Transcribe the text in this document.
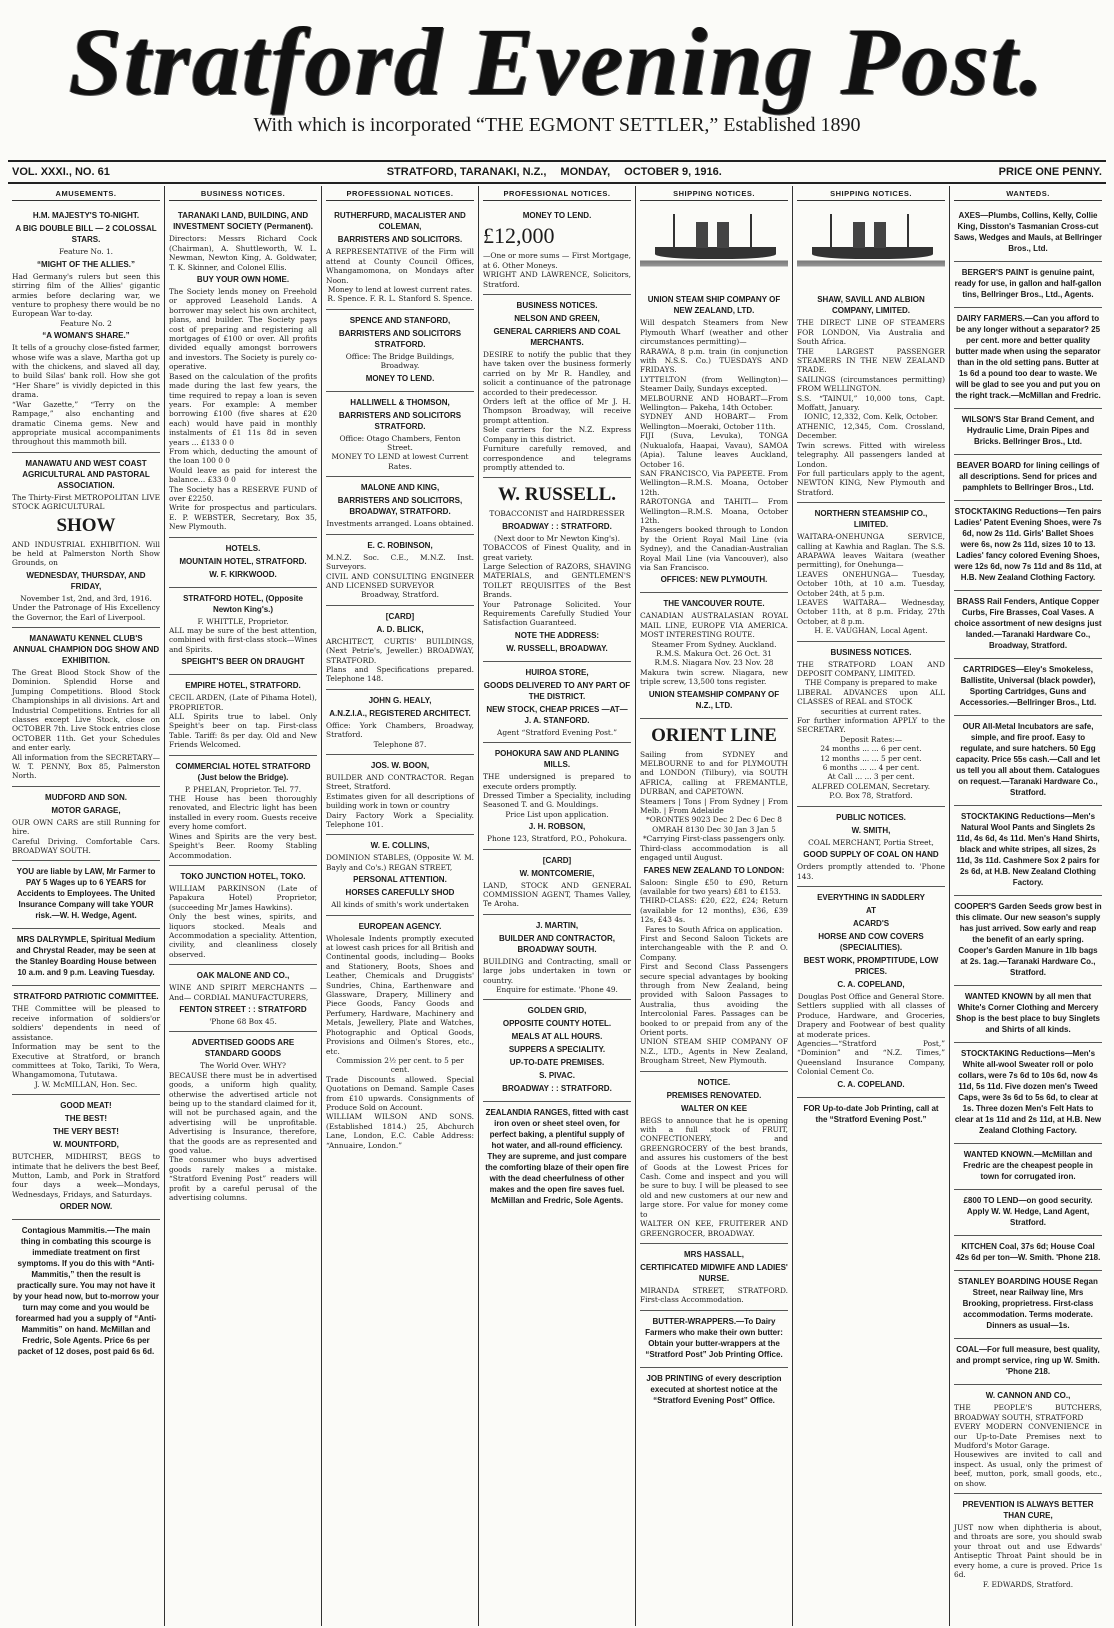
Stratford Evening Post.
With which is incorporated “THE EGMONT SETTLER,” Established 1890
VOL. XXXI., NO. 61	STRATFORD, TARANAKI, N.Z., MONDAY, OCTOBER 9, 1916.	PRICE ONE PENNY.
AMUSEMENTS.
H.M. MAJESTY'S TO-NIGHT.
A BIG DOUBLE BILL — 2 COLOSSAL STARS.
Feature No. 1.
“MIGHT OF THE ALLIES.”
Had Germany's rulers but seen this stirring film of the Allies' gigantic armies before declaring war, we venture to prophesy there would be no European War to-day.
Feature No. 2
“A WOMAN'S SHARE.”
It tells of a grouchy close-fisted farmer, whose wife was a slave, Martha got up with the chickens, and slaved all day, to build Silas' bank roll. How she got “Her Share” is vividly depicted in this drama.
“War Gazette,” “Terry on the Rampage,” also enchanting and dramatic Cinema gems. New and appropriate musical accompaniments throughout this mammoth bill.
MANAWATU AND WEST COAST AGRICULTURAL AND PASTORAL ASSOCIATION.
The Thirty-First METROPOLITAN LIVE STOCK AGRICULTURAL
SHOW
AND INDUSTRIAL EXHIBITION. Will be held at Palmerston North Show Grounds, on
WEDNESDAY, THURSDAY, AND FRIDAY,
November 1st, 2nd, and 3rd, 1916.
Under the Patronage of His Excellency the Governor, the Earl of Liverpool.
MANAWATU KENNEL CLUB'S ANNUAL CHAMPION DOG SHOW AND EXHIBITION.
The Great Blood Stock Show of the Dominion. Splendid Horse and Jumping Competitions. Blood Stock Championships in all divisions. Art and Industrial Competitions. Entries for all classes except Live Stock, close on OCTOBER 7th. Live Stock entries close OCTOBER 11th. Get your Schedules and enter early.
All information from the SECRETARY— W. T. PENNY, Box 85, Palmerston North.
MUDFORD AND SON.
MOTOR GARAGE,
OUR OWN CARS are still Running for hire.
Careful Driving. Comfortable Cars. BROADWAY SOUTH.
YOU are liable by LAW, Mr Farmer to PAY 5 Wages up to 6 YEARS for Accidents to Employees. The United Insurance Company will take YOUR risk.—W. H. Wedge, Agent.
MRS DALRYMPLE, Spiritual Medium and Chrystal Reader, may be seen at the Stanley Boarding House between 10 a.m. and 9 p.m. Leaving Tuesday.
STRATFORD PATRIOTIC COMMITTEE.
THE Committee will be pleased to receive information of soldiers'or soldiers' dependents in need of assistance.
Information may be sent to the Executive at Stratford, or branch committees at Toko, Tariki, To Wera, Whangamomona, Tututawa.
J. W. McMILLAN, Hon. Sec.
GOOD MEAT!
THE BEST!
THE VERY BEST!
W. MOUNTFORD,
BUTCHER, MIDHIRST, BEGS to intimate that he delivers the best Beef, Mutton, Lamb, and Pork in Stratford four days a week—Mondays, Wednesdays, Fridays, and Saturdays.
ORDER NOW.
Contagious Mammitis.—The main thing in combating this scourge is immediate treatment on first symptoms. If you do this with “Anti-Mammitis,” then the result is practically sure. You may not have it by your head now, but to-morrow your turn may come and you would be forearmed had you a supply of “Anti-Mammitis” on hand. McMillan and Fredric, Sole Agents. Price 6s per packet of 12 doses, post paid 6s 6d.
BUSINESS NOTICES.
TARANAKI LAND, BUILDING, AND INVESTMENT SOCIETY (Permanent).
Directors: Messrs Richard Cock (Chairman), A. Shuttleworth, W. L. Newman, Newton King, A. Goldwater, T. K. Skinner, and Colonel Ellis.
BUY YOUR OWN HOME.
The Society lends money on Freehold or approved Leasehold Lands. A borrower may select his own architect, plans, and builder. The Society pays cost of preparing and registering all mortgages of £100 or over. All profits divided equally amongst borrowers and investors. The Society is purely co-operative.
Based on the calculation of the profits made during the last few years, the time required to repay a loan is seven years. For example: A member borrowing £100 (five shares at £20 each) would have paid in monthly instalments of £1 11s 8d in seven years ... £133 0 0
From which, deducting the amount of the loan 100 0 0
Would leave as paid for interest the balance... £33 0 0
The Society has a RESERVE FUND of over £2250.
Write for prospectus and particulars. E. P. WEBSTER, Secretary, Box 35, New Plymouth.
HOTELS.
MOUNTAIN HOTEL, STRATFORD.
W. F. KIRKWOOD.
STRATFORD HOTEL, (Opposite Newton King's.)
F. WHITTLE, Proprietor.
ALL may be sure of the best attention, combined with first-class stock—Wines and Spirits.
SPEIGHT'S BEER ON DRAUGHT
EMPIRE HOTEL, STRATFORD.
CECIL ARDEN, (Late of Pihama Hotel), PROPRIETOR.
ALL Spirits true to label. Only Speight's beer on tap. First-class Table. Tariff: 8s per day. Old and New Friends Welcomed.
COMMERCIAL HOTEL STRATFORD (Just below the Bridge).
P. PHELAN, Proprietor. Tel. 77.
THE House has been thoroughly renovated, and Electric light has been installed in every room. Guests receive every home comfort.
Wines and Spirits are the very best. Speight's Beer. Roomy Stabling Accommodation.
TOKO JUNCTION HOTEL, TOKO.
WILLIAM PARKINSON (Late of Papakura Hotel) Proprietor, (succeeding Mr James Hawkins).
Only the best wines, spirits, and liquors stocked. Meals and Accommodation a speciality. Attention, civility, and cleanliness closely observed.
OAK MALONE AND CO.,
WINE AND SPIRIT MERCHANTS —And— CORDIAL MANUFACTURERS,
FENTON STREET : : STRATFORD
'Phone 68 Box 45.
ADVERTISED GOODS ARE STANDARD GOODS
The World Over. WHY?
BECAUSE there must be in advertised goods, a uniform high quality, otherwise the advertised article not being up to the standard claimed for it, will not be purchased again, and the advertising will be unprofitable. Advertising is Insurance, therefore, that the goods are as represented and good value.
The consumer who buys advertised goods rarely makes a mistake. “Stratford Evening Post” readers will profit by a careful perusal of the advertising columns.
PROFESSIONAL NOTICES.
RUTHERFURD, MACALISTER AND COLEMAN,
BARRISTERS AND SOLICITORS.
A REPRESENTATIVE of the Firm will attend at County Council Offices, Whangamomona, on Mondays after Noon.
Money to lend at lowest current rates.
R. Spence. F. R. L. Stanford S. Spence.
SPENCE AND STANFORD,
BARRISTERS AND SOLICITORS STRATFORD.
Office: The Bridge Buildings, Broadway.
MONEY TO LEND.
HALLIWELL & THOMSON,
BARRISTERS AND SOLICITORS STRATFORD.
Office: Otago Chambers, Fenton Street.
MONEY TO LEND at lowest Current Rates.
MALONE AND KING,
BARRISTERS AND SOLICITORS, BROADWAY, STRATFORD.
Investments arranged. Loans obtained.
E. C. ROBINSON,
M.N.Z. Soc. C.E., M.N.Z. Inst. Surveyors.
CIVIL AND CONSULTING ENGINEER AND LICENSED SURVEYOR
Broadway, Stratford.
[CARD]
A. D. BLICK,
ARCHITECT, CURTIS' BUILDINGS, (Next Petrie's, Jeweller.) BROADWAY, STRATFORD.
Plans and Specifications prepared. Telephone 148.
JOHN G. HEALY,
A.N.Z.I.A., REGISTERED ARCHITECT.
Office: York Chambers, Broadway, Stratford.
Telephone 87.
JOS. W. BOON,
BUILDER AND CONTRACTOR. Regan Street, Stratford.
Estimates given for all descriptions of building work in town or country
Dairy Factory Work a Speciality. Telephone 101.
W. E. COLLINS,
DOMINION STABLES, (Opposite W. M. Bayly and Co's.) REGAN STREET,
PERSONAL ATTENTION.
HORSES CAREFULLY SHOD
All kinds of smith's work undertaken
EUROPEAN AGENCY.
Wholesale Indents promptly executed at lowest cash prices for all British and Continental goods, including— Books and Stationery, Boots, Shoes and Leather, Chemicals and Druggists' Sundries, China, Earthenware and Glassware, Drapery, Millinery and Piece Goods, Fancy Goods and Perfumery, Hardware, Machinery and Metals, Jewellery, Plate and Watches, Photographic and Optical Goods, Provisions and Oilmen's Stores, etc., etc.
Commission 2½ per cent. to 5 per cent.
Trade Discounts allowed. Special Quotations on Demand. Sample Cases from £10 upwards. Consignments of Produce Sold on Account.
WILLIAM WILSON AND SONS. (Established 1814.) 25, Abchurch Lane, London, E.C. Cable Address: “Annuaire, London.”
PROFESSIONAL NOTICES.
MONEY TO LEND.
£12,000
—One or more sums — First Mortgage, at 6. Other Moneys.
WRIGHT AND LAWRENCE, Solicitors, Stratford.
BUSINESS NOTICES.
NELSON AND GREEN,
GENERAL CARRIERS AND COAL MERCHANTS.
DESIRE to notify the public that they have taken over the business formerly carried on by Mr R. Handley, and solicit a continuance of the patronage accorded to their predecessor.
Orders left at the office of Mr J. H. Thompson Broadway, will receive prompt attention.
Sole carriers for the N.Z. Express Company in this district.
Furniture carefully removed, and correspondence and telegrams promptly attended to.
W. RUSSELL.
TOBACCONIST and HAIRDRESSER
BROADWAY : : STRATFORD.
(Next door to Mr Newton King's).
TOBACCOS of Finest Quality, and in great variety.
Large Selection of RAZORS, SHAVING MATERIALS, and GENTLEMEN'S TOILET REQUISITES of the Best Brands.
Your Patronage Solicited. Your Requirements Carefully Studied Your Satisfaction Guaranteed.
NOTE THE ADDRESS:
W. RUSSELL, BROADWAY.
HUIROA STORE,
GOODS DELIVERED TO ANY PART OF THE DISTRICT.
NEW STOCK, CHEAP PRICES —AT— J. A. STANFORD.
Agent “Stratford Evening Post.”
POHOKURA SAW AND PLANING MILLS.
THE undersigned is prepared to execute orders promptly.
Dressed Timber a Speciality, including Seasoned T. and G. Mouldings.
Price List upon application.
J. H. ROBSON,
Phone 123, Stratford, P.O., Pohokura.
[CARD]
W. MONTCOMERIE,
LAND, STOCK AND GENERAL COMMISSION AGENT, Thames Valley, Te Aroha.
J. MARTIN,
BUILDER AND CONTRACTOR, BROADWAY SOUTH.
BUILDING and Contracting, small or large jobs undertaken in town or country.
Enquire for estimate. 'Phone 49.
GOLDEN GRID,
OPPOSITE COUNTY HOTEL.
MEALS AT ALL HOURS.
SUPPERS A SPECIALITY.
UP-TO-DATE PREMISES.
S. PIVAC.
BROADWAY : : STRATFORD.
ZEALANDIA RANGES, fitted with cast iron oven or sheet steel oven, for perfect baking, a plentiful supply of hot water, and all-round efficiency. They are supreme, and just compare the comforting blaze of their open fire with the dead cheerfulness of other makes and the open fire saves fuel. McMillan and Fredric, Sole Agents.
SHIPPING NOTICES.
UNION STEAM SHIP COMPANY OF NEW ZEALAND, LTD.
Will despatch Steamers from New Plymouth Wharf (weather and other circumstances permitting)—
RARAWA, 8 p.m. train (in conjunction with N.S.S. Co.) TUESDAYS AND FRIDAYS.
LYTTELTON (from Wellington)— Steamer Daily, Sundays excepted.
MELBOURNE AND HOBART—From Wellington— Pakeha, 14th October.
SYDNEY AND HOBART— From Wellington—Moeraki, October 11th.
FIJI (Suva, Levuka), TONGA (Nukualofa, Haapai, Vavau), SAMOA (Apia). Talune leaves Auckland, October 16.
SAN FRANCISCO, Via PAPEETE. From Wellington—R.M.S. Moana, October 12th.
RAROTONGA and TAHITI— From Wellington—R.M.S. Moana, October 12th.
Passengers booked through to London by the Orient Royal Mail Line (via Sydney), and the Canadian-Australian Royal Mail Line (via Vancouver), also via San Francisco.
OFFICES: NEW PLYMOUTH.
THE VANCOUVER ROUTE.
CANADIAN AUSTRALASIAN ROYAL MAIL LINE, EUROPE VIA AMERICA. MOST INTERESTING ROUTE.
Steamer From Sydney. Auckland.
R.M.S. Makura Oct. 26 Oct. 31
R.M.S. Niagara Nov. 23 Nov. 28
Makura twin screw. Niagara, new triple screw, 13,500 tons register.
UNION STEAMSHIP COMPANY OF N.Z., LTD.
ORIENT LINE
Sailing from SYDNEY and MELBOURNE to and for PLYMOUTH and LONDON (Tilbury), via SOUTH AFRICA, calling at FREMANTLE, DURBAN, and CAPETOWN.
Steamers | Tons | From Sydney | From Melb. | From Adelaide
*ORONTES 9023 Dec 2 Dec 6 Dec 8
OMRAH 8130 Dec 30 Jan 3 Jan 5
*Carrying First-class passengers only.
Third-class accommodation is all engaged until August.
FARES NEW ZEALAND TO LONDON:
Saloon: Single £50 to £90, Return (available for two years) £81 to £153.
THIRD-CLASS: £20, £22, £24; Return (available for 12 months), £36, £39 12s, £43 4s.
Fares to South Africa on application.
First and Second Saloon Tickets are interchangeable with the P. and O. Company.
First and Second Class Passengers secure special advantages by booking through from New Zealand, being provided with Saloon Passages to Australia, thus avoiding the Intercolonial Fares. Passages can be booked to or prepaid from any of the Orient ports.
UNION STEAM SHIP COMPANY OF N.Z., LTD., Agents in New Zealand, Brougham Street, New Plymouth.
NOTICE.
PREMISES RENOVATED.
WALTER ON KEE
BEGS to announce that he is opening with a full stock of FRUIT, CONFECTIONERY, and GREENGROCERY of the best brands, and assures his customers of the best of Goods at the Lowest Prices for Cash. Come and inspect and you will be sure to buy. I will be pleased to see old and new customers at our new and large store. For value for money come to
WALTER ON KEE, FRUITERER AND GREENGROCER, BROADWAY.
MRS HASSALL,
CERTIFICATED MIDWIFE AND LADIES' NURSE.
MIRANDA STREET, STRATFORD. First-class Accommodation.
BUTTER-WRAPPERS.—To Dairy Farmers who make their own butter: Obtain your butter-wrappers at the “Stratford Post” Job Printing Office.
JOB PRINTING of every description executed at shortest notice at the “Stratford Evening Post” Office.
SHIPPING NOTICES.
SHAW, SAVILL AND ALBION COMPANY, LIMITED.
THE DIRECT LINE OF STEAMERS FOR LONDON, Via Australia and South Africa.
THE LARGEST PASSENGER STEAMERS IN THE NEW ZEALAND TRADE.
SAILINGS (circumstances permitting) FROM WELLINGTON.
S.S. “TAINUI,” 10,000 tons, Capt. Moffatt, January.
IONIC, 12,332, Com. Kelk, October.
ATHENIC, 12,345, Com. Crossland, December.
Twin screws. Fitted with wireless telegraphy. All passengers landed at London.
For full particulars apply to the agent, NEWTON KING, New Plymouth and Stratford.
NORTHERN STEAMSHIP CO., LIMITED.
WAITARA-ONEHUNGA SERVICE, calling at Kawhia and Raglan. The S.S. ARAPAWA leaves Waitara (weather permitting), for Onehunga—
LEAVES ONEHUNGA— Tuesday, October 10th, at 10 a.m. Tuesday, October 24th, at 5 p.m.
LEAVES WAITARA— Wednesday, October 11th, at 8 p.m. Friday, 27th October, at 8 p.m.
H. E. VAUGHAN, Local Agent.
BUSINESS NOTICES.
THE STRATFORD LOAN AND DEPOSIT COMPANY, LIMITED.
THE Company is prepared to make
LIBERAL ADVANCES upon ALL CLASSES of REAL and STOCK
securities at current rates.
For further information APPLY to the SECRETARY.
Deposit Rates:—
24 months ... ... 6 per cent.
12 months ... ... 5 per cent.
6 months ... ... 4 per cent.
At Call ... ... 3 per cent.
ALFRED COLEMAN, Secretary.
P.O. Box 78, Stratford.
PUBLIC NOTICES.
W. SMITH,
COAL MERCHANT, Portia Street,
GOOD SUPPLY OF COAL ON HAND
Orders promptly attended to. 'Phone 143.
EVERYTHING IN SADDLERY
AT
ACARD'S
HORSE AND COW COVERS (SPECIALITIES).
BEST WORK, PROMPTITUDE, LOW PRICES.
C. A. COPELAND,
Douglas Post Office and General Store.
Settlers supplied with all classes of Produce, Hardware, and Groceries, Drapery and Footwear of best quality at moderate prices.
Agencies—“Stratford Post,” “Dominion” and “N.Z. Times,” Queensland Insurance Company, Colonial Cement Co.
C. A. COPELAND.
FOR Up-to-date Job Printing, call at the “Stratford Evening Post.”
WANTEDS.
AXES—Plumbs, Collins, Kelly, Collie King, Disston's Tasmanian Cross-cut Saws, Wedges and Mauls, at Bellringer Bros., Ltd.
BERGER'S PAINT is genuine paint, ready for use, in gallon and half-gallon tins, Bellringer Bros., Ltd., Agents.
DAIRY FARMERS.—Can you afford to be any longer without a separator? 25 per cent. more and better quality butter made when using the separator than in the old setting pans. Butter at 1s 6d a pound too dear to waste. We will be glad to see you and put you on the right track.—McMillan and Fredric.
WILSON'S Star Brand Cement, and Hydraulic Lime, Drain Pipes and Bricks. Bellringer Bros., Ltd.
BEAVER BOARD for lining ceilings of all descriptions. Send for prices and pamphlets to Bellringer Bros., Ltd.
STOCKTAKING Reductions—Ten pairs Ladies' Patent Evening Shoes, were 7s 6d, now 2s 11d. Girls' Ballet Shoes were 6s, now 2s 11d, sizes 10 to 13. Ladies' fancy colored Evening Shoes, were 12s 6d, now 7s 11d and 8s 11d, at H.B. New Zealand Clothing Factory.
BRASS Rail Fenders, Antique Copper Curbs, Fire Brasses, Coal Vases. A choice assortment of new designs just landed.—Taranaki Hardware Co., Broadway, Stratford.
CARTRIDGES—Eley's Smokeless, Ballistite, Universal (black powder), Sporting Cartridges, Guns and Accessories.—Bellringer Bros., Ltd.
OUR All-Metal Incubators are safe, simple, and fire proof. Easy to regulate, and sure hatchers. 50 Egg capacity. Price 55s cash.—Call and let us tell you all about them. Catalogues on request.—Taranaki Hardware Co., Stratford.
STOCKTAKING Reductions—Men's Natural Wool Pants and Singlets 2s 11d, 4s 6d, 4s 11d. Men's Hand Shirts, black and white stripes, all sizes, 2s 11d, 3s 11d. Cashmere Sox 2 pairs for 2s 6d, at H.B. New Zealand Clothing Factory.
COOPER'S Garden Seeds grow best in this climate. Our new season's supply has just arrived. Sow early and reap the benefit of an early spring. Cooper's Garden Manure in 1lb bags at 2s. 1ag.—Taranaki Hardware Co., Stratford.
WANTED KNOWN by all men that White's Corner Clothing and Mercery Shop is the best place to buy Singlets and Shirts of all kinds.
STOCKTAKING Reductions—Men's White all-wool Sweater roll or polo collars, were 7s 6d to 10s 6d, now 4s 11d, 5s 11d. Five dozen men's Tweed Caps, were 3s 6d to 5s 6d, to clear at 1s. Three dozen Men's Felt Hats to clear at 1s 11d and 2s 11d, at H.B. New Zealand Clothing Factory.
WANTED KNOWN.—McMillan and Fredric are the cheapest people in town for corrugated iron.
£800 TO LEND—on good security. Apply W. W. Hedge, Land Agent, Stratford.
KITCHEN Coal, 37s 6d; House Coal 42s 6d per ton—W. Smith. 'Phone 218.
STANLEY BOARDING HOUSE Regan Street, near Railway line, Mrs Brooking, proprietress. First-class accommodation. Terms moderate. Dinners as usual—1s.
COAL—For full measure, best quality, and prompt service, ring up W. Smith. 'Phone 218.
W. CANNON AND CO.,
THE PEOPLE'S BUTCHERS, BROADWAY SOUTH, STRATFORD
EVERY MODERN CONVENIENCE in our Up-to-Date Premises next to Mudford's Motor Garage.
Housewives are invited to call and inspect. As usual, only the primest of beef, mutton, pork, small goods, etc., on show.
PREVENTION IS ALWAYS BETTER THAN CURE,
JUST now when diphtheria is about, and throats are sore, you should swab your throat out and use Edwards' Antiseptic Throat Paint should be in every home, a cure is proved. Price 1s 6d.
F. EDWARDS, Stratford.
